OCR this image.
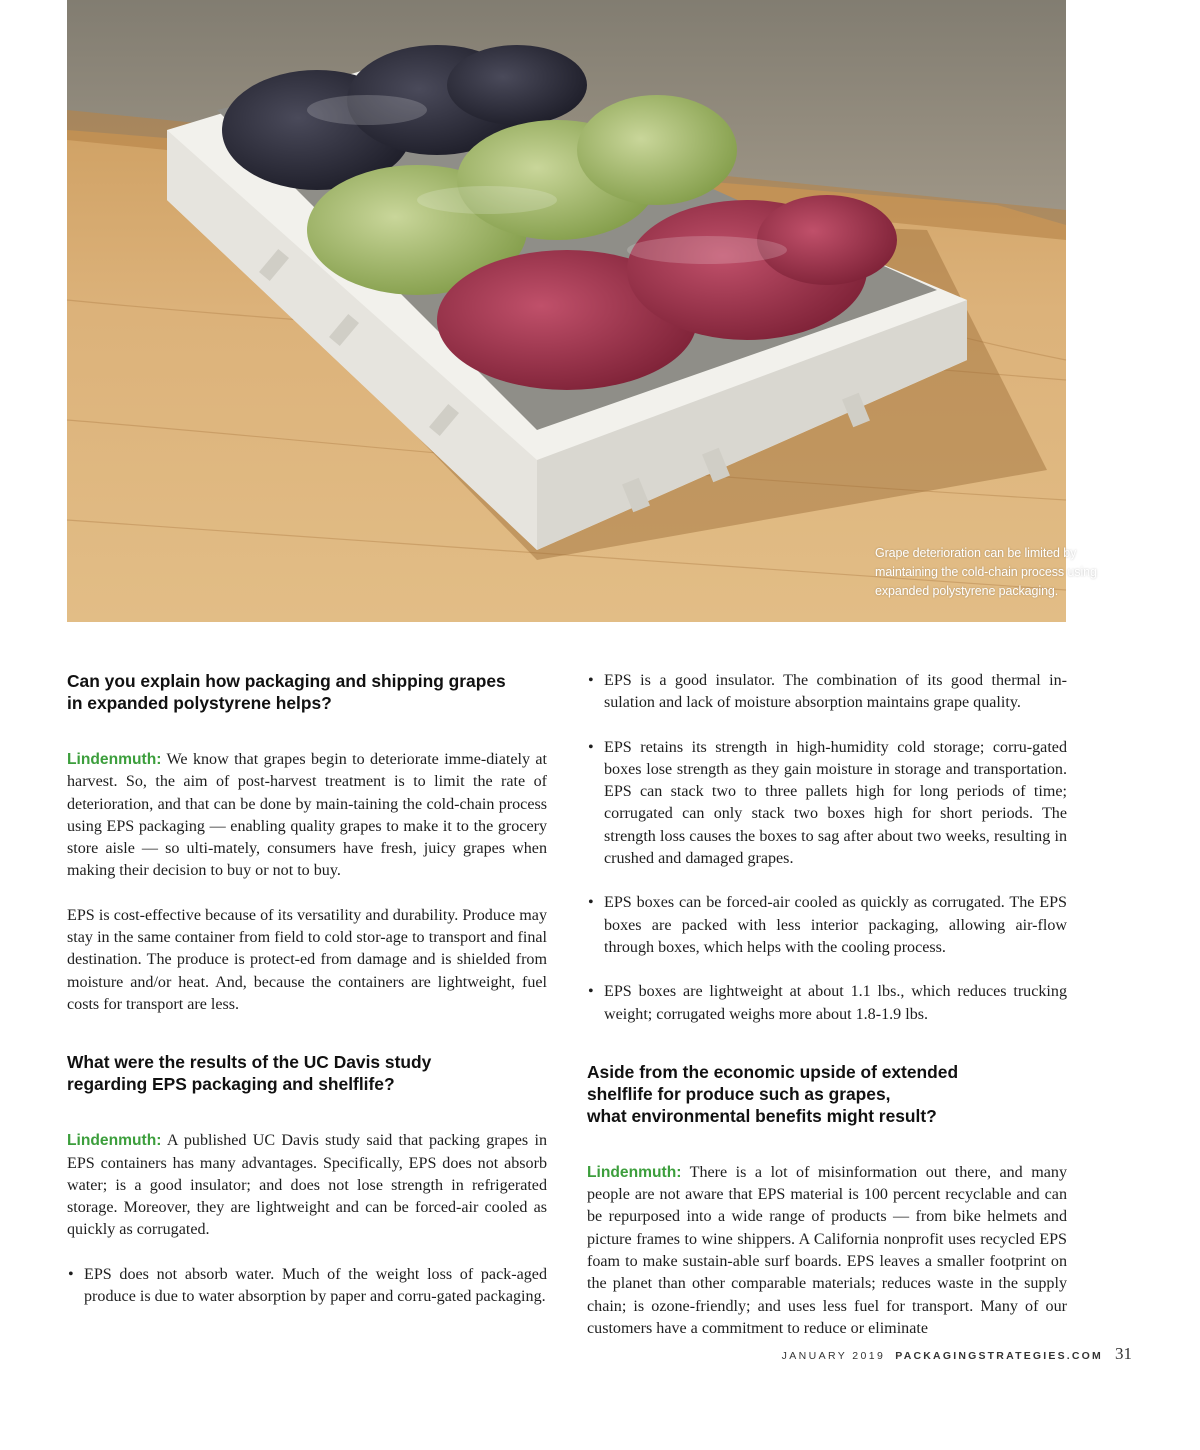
Grape deterioration can be limited by
maintaining the cold-chain process using
expanded polystyrene packaging.
Can you explain how packaging and shipping grapes
in expanded polystyrene helps?

Lindenmuth: We know that grapes begin to deteriorate imme-diately at harvest. So, the aim of post-harvest treatment is to limit the rate of deterioration, and that can be done by main-taining the cold-chain process using EPS packaging — enabling quality grapes to make it to the grocery store aisle — so ulti-mately, consumers have fresh, juicy grapes when making their decision to buy or not to buy.

EPS is cost-effective because of its versatility and durability. Produce may stay in the same container from field to cold stor-age to transport and final destination. The produce is protect-ed from damage and is shielded from moisture and/or heat. And, because the containers are lightweight, fuel costs for transport are less.

What were the results of the UC Davis study
regarding EPS packaging and shelflife?

Lindenmuth: A published UC Davis study said that packing grapes in EPS containers has many advantages. Specifically, EPS does not absorb water; is a good insulator; and does not lose strength in refrigerated storage. Moreover, they are lightweight and can be forced-air cooled as quickly as corrugated.

• EPS does not absorb water. Much of the weight loss of pack-aged produce is due to water absorption by paper and corru-gated packaging.

• EPS is a good insulator. The combination of its good thermal in-sulation and lack of moisture absorption maintains grape quality.

• EPS retains its strength in high-humidity cold storage; corru-gated boxes lose strength as they gain moisture in storage and transportation. EPS can stack two to three pallets high for long periods of time; corrugated can only stack two boxes high for short periods. The strength loss causes the boxes to sag after about two weeks, resulting in crushed and damaged grapes.

• EPS boxes can be forced-air cooled as quickly as corrugated. The EPS boxes are packed with less interior packaging, allowing air-flow through boxes, which helps with the cooling process.

• EPS boxes are lightweight at about 1.1 lbs., which reduces trucking weight; corrugated weighs more about 1.8-1.9 lbs.

Aside from the economic upside of extended
shelflife for produce such as grapes,
what environmental benefits might result?

Lindenmuth: There is a lot of misinformation out there, and many people are not aware that EPS material is 100 percent recyclable and can be repurposed into a wide range of products — from bike helmets and picture frames to wine shippers. A California nonprofit uses recycled EPS foam to make sustain-able surf boards. EPS leaves a smaller footprint on the planet than other comparable materials; reduces waste in the supply chain; is ozone-friendly; and uses less fuel for transport. Many of our customers have a commitment to reduce or eliminate

JANUARY 2019 PACKAGINGSTRATEGIES.COM 31
